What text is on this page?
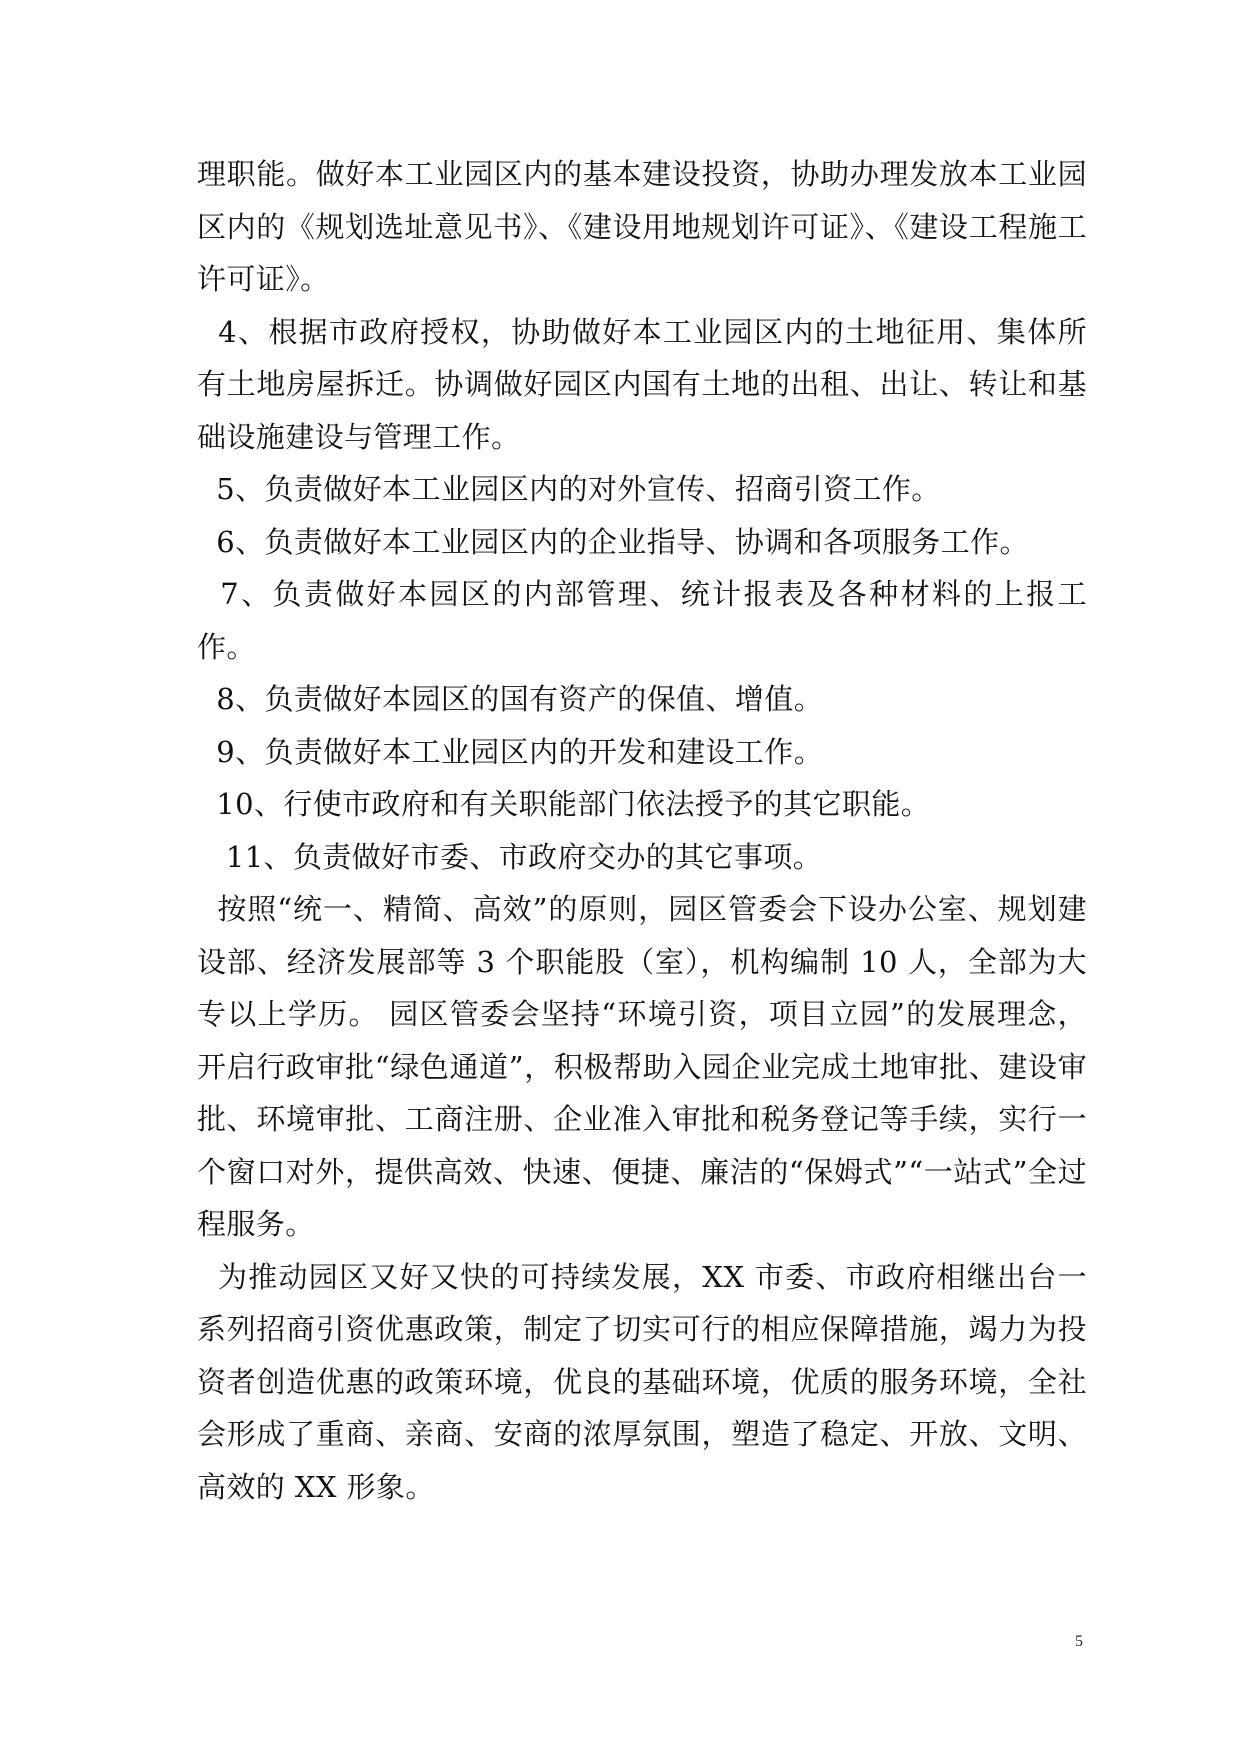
理职能。做好本工业园区内的基本建设投资，协助办理发放本工业园区内的《规划选址意见书》、《建设用地规划许可证》、《建设工程施工许可证》。

4、根据市政府授权，协助做好本工业园区内的土地征用、集体所有土地房屋拆迁。协调做好园区内国有土地的出租、出让、转让和基础设施建设与管理工作。

5、负责做好本工业园区内的对外宣传、招商引资工作。

6、负责做好本工业园区内的企业指导、协调和各项服务工作。

7、负责做好本园区的内部管理、统计报表及各种材料的上报工作。

8、负责做好本园区的国有资产的保值、增值。

9、负责做好本工业园区内的开发和建设工作。

10、行使市政府和有关职能部门依法授予的其它职能。

11、负责做好市委、市政府交办的其它事项。

按照“统一、精简、高效”的原则，园区管委会下设办公室、规划建设部、经济发展部等 3 个职能股（室），机构编制 10 人，全部为大专以上学历。 园区管委会坚持“环境引资，项目立园”的发展理念，开启行政审批“绿色通道”，积极帮助入园企业完成土地审批、建设审批、环境审批、工商注册、企业准入审批和税务登记等手续，实行一个窗口对外，提供高效、快速、便捷、廉洁的“保姆式”“一站式”全过程服务。

为推动园区又好又快的可持续发展，XX 市委、市政府相继出台一系列招商引资优惠政策，制定了切实可行的相应保障措施，竭力为投资者创造优惠的政策环境，优良的基础环境，优质的服务环境，全社会形成了重商、亲商、安商的浓厚氛围，塑造了稳定、开放、文明、高效的 XX 形象。

5
